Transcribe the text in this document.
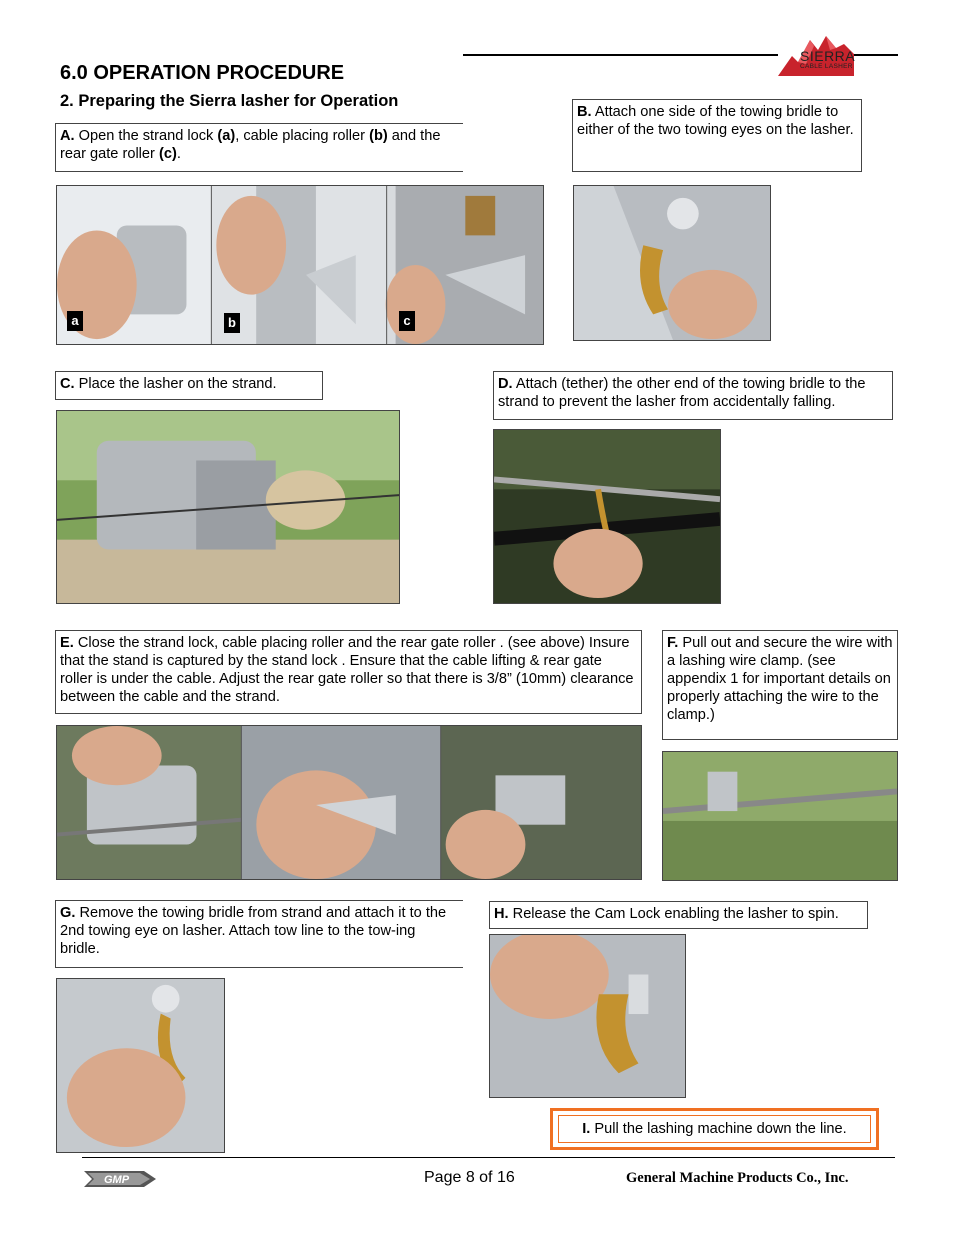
SIERRA
CABLE LASHER
6.0 OPERATION PROCEDURE
2. Preparing the Sierra lasher for Operation
A. Open the strand lock (a), cable placing roller (b) and the rear gate roller (c).
a	b	c
B. Attach one side of the towing bridle to either of the two towing eyes on the lasher.
C. Place the lasher on the strand.	D. Attach (tether) the other end of the towing bridle to the strand to prevent the lasher from accidentally falling.
E. Close the strand lock, cable placing roller and the rear gate roller . (see above) Insure that the stand is captured by the stand lock . Ensure that the cable lifting & rear gate roller is under the cable. Adjust the rear gate roller so that there is 3/8” (10mm) clearance between the cable and the strand.
F. Pull out and secure the wire with a lashing wire clamp. (see appendix 1 for important details on properly attaching the wire to the clamp.)
G. Remove the towing bridle from strand and attach it to the 2nd towing eye on lasher. Attach tow line to the tow-ing bridle.
H. Release the Cam Lock enabling the lasher to spin.
I. Pull the lashing machine down the line.
GMP	Page 8 of 16	General Machine Products Co., Inc.
